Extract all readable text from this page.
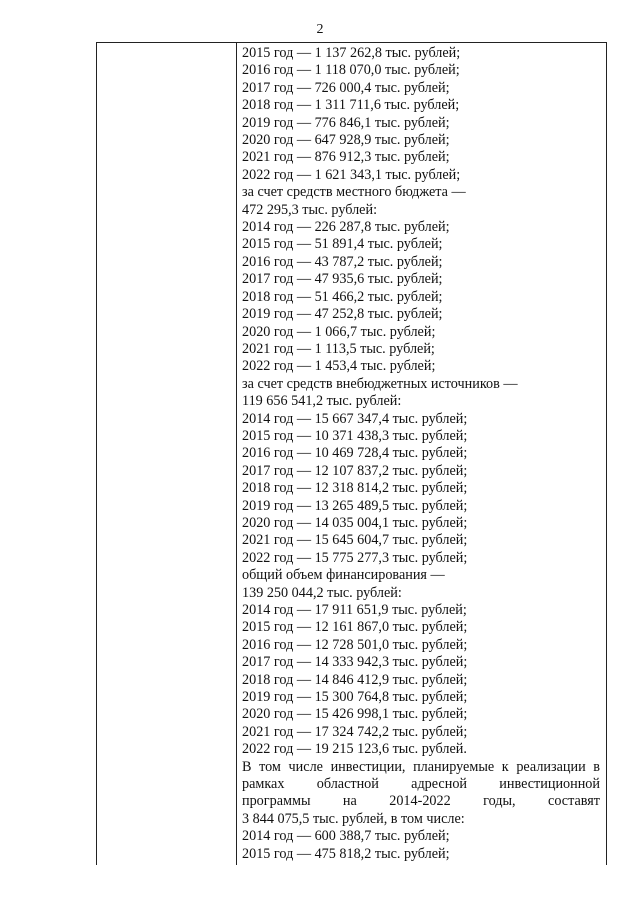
2
2015 год — 1 137 262,8 тыс. рублей;
2016 год — 1 118 070,0 тыс. рублей;
2017 год — 726 000,4 тыс. рублей;
2018 год — 1 311 711,6 тыс. рублей;
2019 год — 776 846,1 тыс. рублей;
2020 год — 647 928,9 тыс. рублей;
2021 год — 876 912,3 тыс. рублей;
2022 год — 1 621 343,1 тыс. рублей;
за счет средств местного бюджета —
472 295,3 тыс. рублей:
2014 год — 226 287,8 тыс. рублей;
2015 год — 51 891,4 тыс. рублей;
2016 год — 43 787,2 тыс. рублей;
2017 год — 47 935,6 тыс. рублей;
2018 год — 51 466,2 тыс. рублей;
2019 год — 47 252,8 тыс. рублей;
2020 год — 1 066,7 тыс. рублей;
2021 год — 1 113,5 тыс. рублей;
2022 год — 1 453,4 тыс. рублей;
за счет средств внебюджетных источников —
119 656 541,2 тыс. рублей:
2014 год — 15 667 347,4 тыс. рублей;
2015 год — 10 371 438,3 тыс. рублей;
2016 год — 10 469 728,4 тыс. рублей;
2017 год — 12 107 837,2 тыс. рублей;
2018 год — 12 318 814,2 тыс. рублей;
2019 год — 13 265 489,5 тыс. рублей;
2020 год — 14 035 004,1 тыс. рублей;
2021 год — 15 645 604,7 тыс. рублей;
2022 год — 15 775 277,3 тыс. рублей;
общий объем финансирования —
139 250 044,2 тыс. рублей:
2014 год — 17 911 651,9 тыс. рублей;
2015 год — 12 161 867,0 тыс. рублей;
2016 год — 12 728 501,0 тыс. рублей;
2017 год — 14 333 942,3 тыс. рублей;
2018 год — 14 846 412,9 тыс. рублей;
2019 год — 15 300 764,8 тыс. рублей;
2020 год — 15 426 998,1 тыс. рублей;
2021 год — 17 324 742,2 тыс. рублей;
2022 год — 19 215 123,6 тыс. рублей.
В том числе инвестиции, планируемые к реализации в
рамках областной адресной инвестиционной
программы на 2014-2022 годы, составят
3 844 075,5 тыс. рублей, в том числе:
2014 год — 600 388,7 тыс. рублей;
2015 год — 475 818,2 тыс. рублей;
